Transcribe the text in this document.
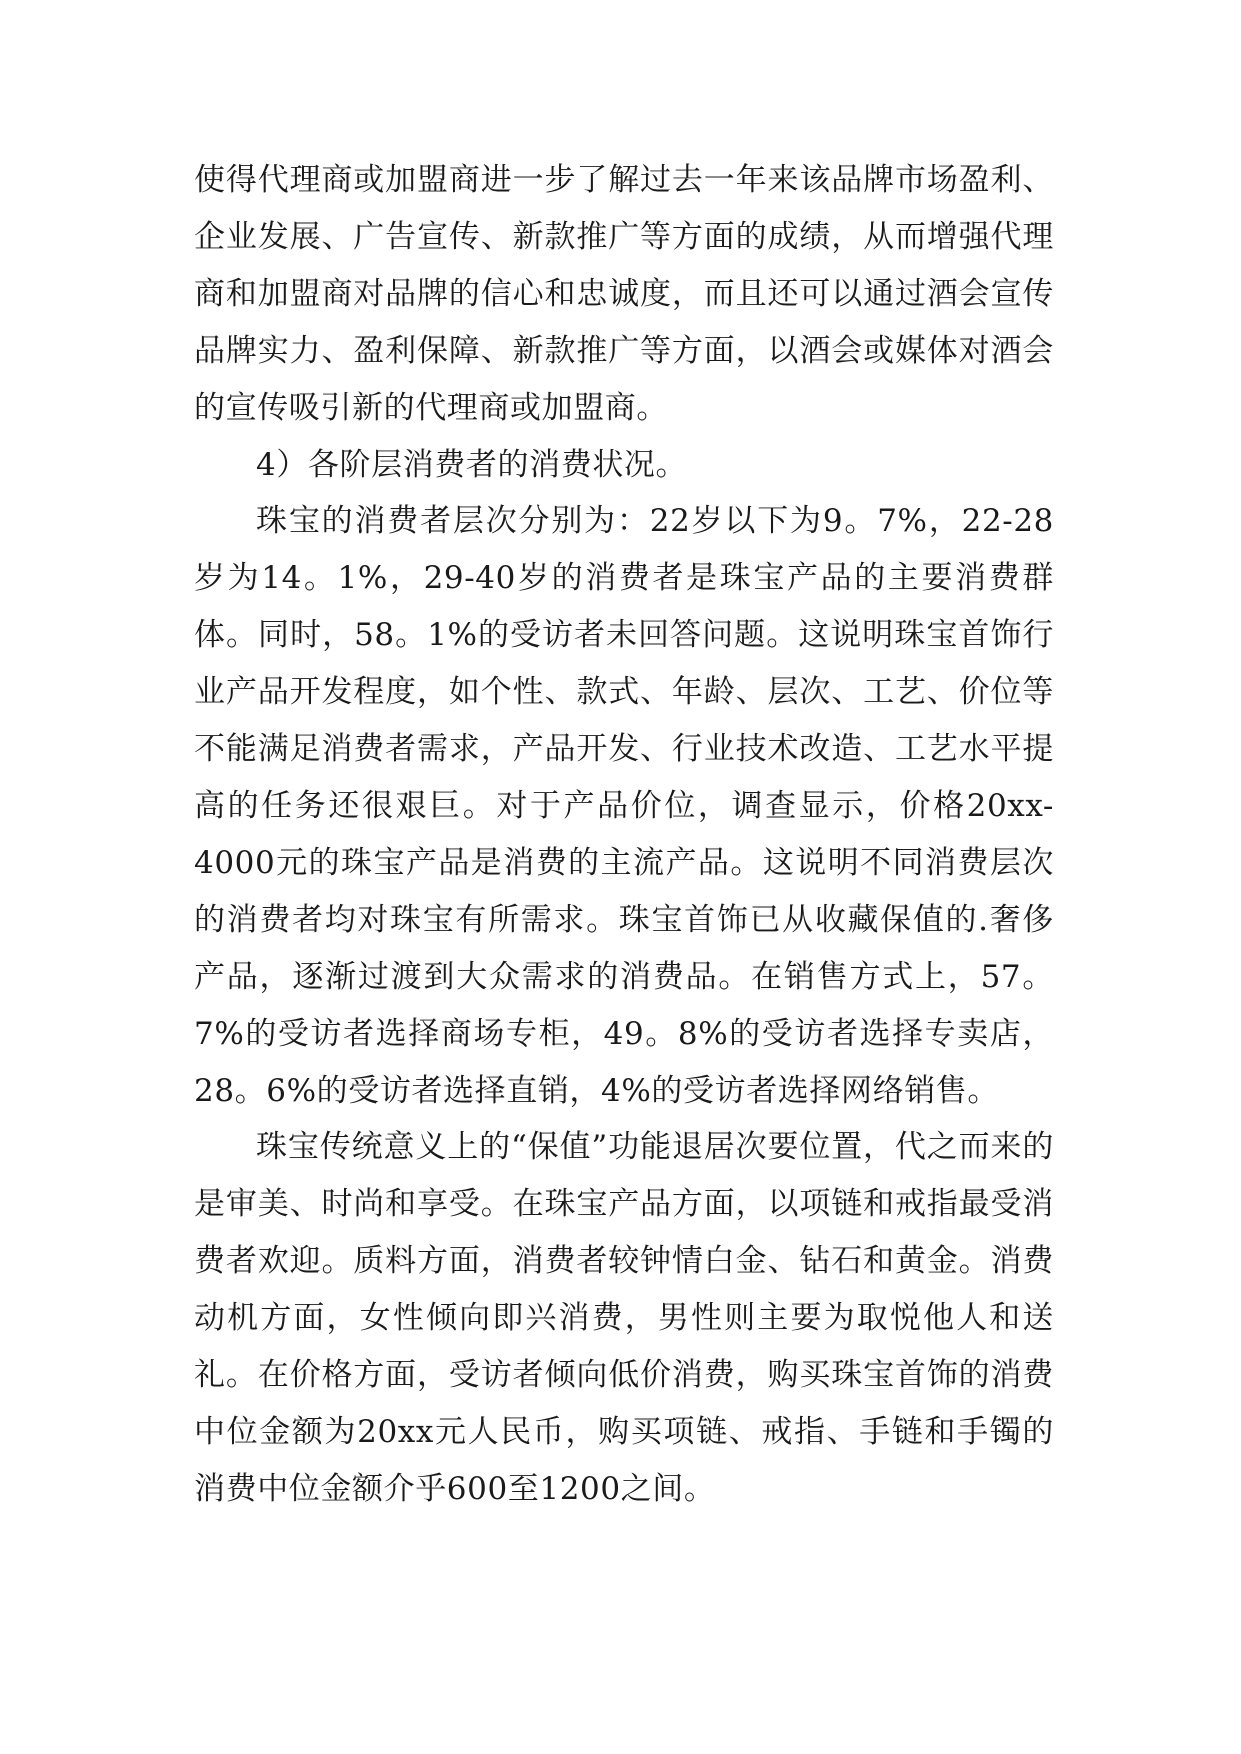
使得代理商或加盟商进一步了解过去一年来该品牌市场盈利、企业发展、广告宣传、新款推广等方面的成绩，从而增强代理商和加盟商对品牌的信心和忠诚度，而且还可以通过酒会宣传品牌实力、盈利保障、新款推广等方面，以酒会或媒体对酒会的宣传吸引新的代理商或加盟商。

4）各阶层消费者的消费状况。

珠宝的消费者层次分别为：22岁以下为9。7%，22-28岁为14。1%，29-40岁的消费者是珠宝产品的主要消费群体。同时，58。1%的受访者未回答问题。这说明珠宝首饰行业产品开发程度，如个性、款式、年龄、层次、工艺、价位等不能满足消费者需求，产品开发、行业技术改造、工艺水平提高的任务还很艰巨。对于产品价位，调查显示，价格20xx-4000元的珠宝产品是消费的主流产品。这说明不同消费层次的消费者均对珠宝有所需求。珠宝首饰已从收藏保值的.奢侈产品，逐渐过渡到大众需求的消费品。在销售方式上，57。7%的受访者选择商场专柜，49。8%的受访者选择专卖店，28。6%的受访者选择直销，4%的受访者选择网络销售。

珠宝传统意义上的“保值”功能退居次要位置，代之而来的是审美、时尚和享受。在珠宝产品方面，以项链和戒指最受消费者欢迎。质料方面，消费者较钟情白金、钻石和黄金。消费动机方面，女性倾向即兴消费，男性则主要为取悦他人和送礼。在价格方面，受访者倾向低价消费，购买珠宝首饰的消费中位金额为20xx元人民币，购买项链、戒指、手链和手镯的消费中位金额介乎600至1200之间。
